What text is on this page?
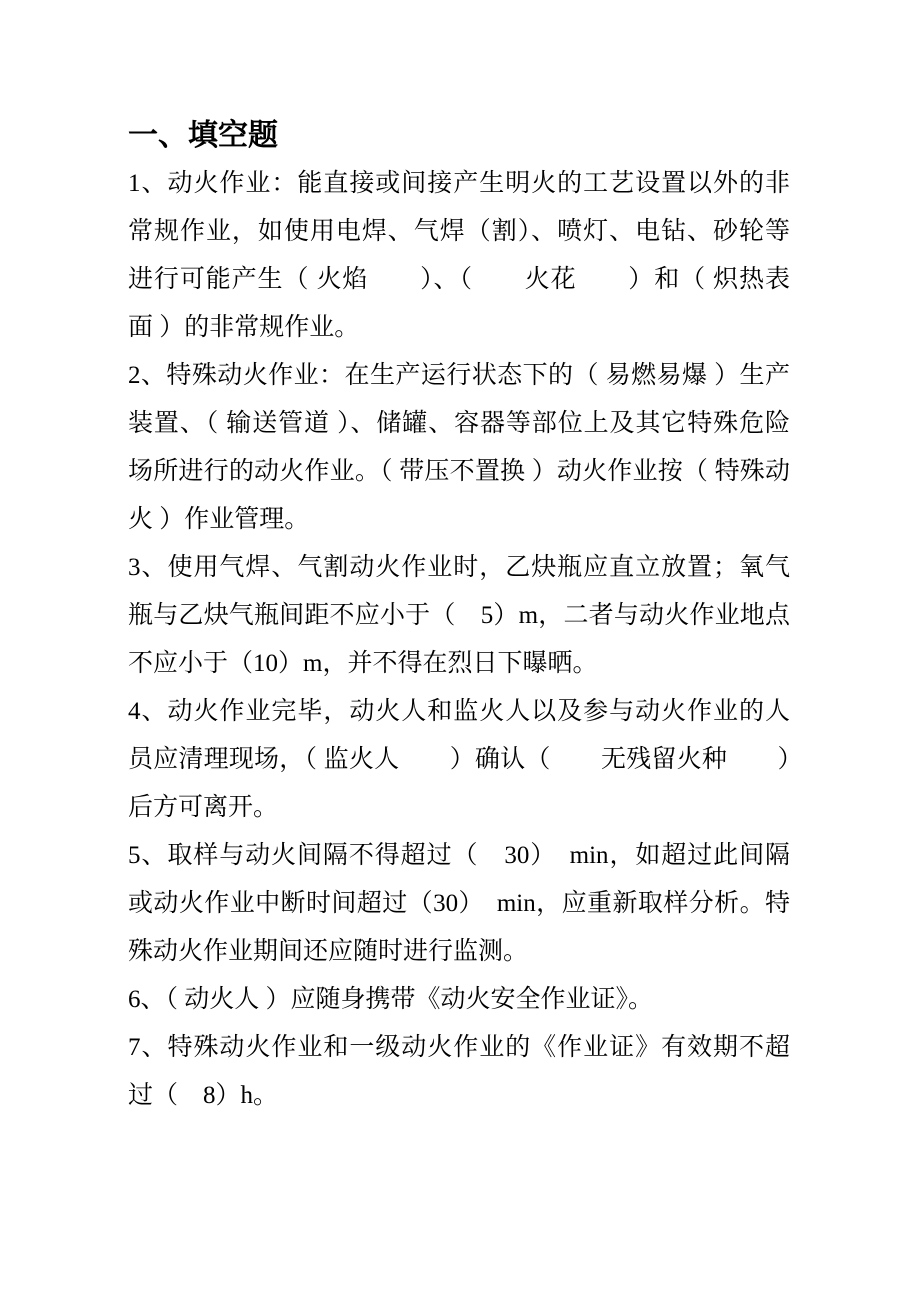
一、填空题

1、动火作业：能直接或间接产生明火的工艺设置以外的非常规作业，如使用电焊、气焊（割）、喷灯、电钻、砂轮等进行可能产生（ 火焰　　）、（　　火花　　）和（ 炽热表面 ）的非常规作业。

2、特殊动火作业：在生产运行状态下的（ 易燃易爆 ）生产装置、（ 输送管道 ）、储罐、容器等部位上及其它特殊危险场所进行的动火作业。（ 带压不置换 ）动火作业按（ 特殊动火 ）作业管理。

3、使用气焊、气割动火作业时，乙炔瓶应直立放置；氧气瓶与乙炔气瓶间距不应小于（　5）m，二者与动火作业地点不应小于（10）m，并不得在烈日下曝晒。

4、动火作业完毕，动火人和监火人以及参与动火作业的人员应清理现场，（ 监火人　　）确认（　　无残留火种　　）后方可离开。

5、取样与动火间隔不得超过（　30）　min，如超过此间隔或动火作业中断时间超过（30）　min，应重新取样分析。特殊动火作业期间还应随时进行监测。

6、（ 动火人 ）应随身携带《动火安全作业证》。

7、特殊动火作业和一级动火作业的《作业证》有效期不超过（　8）h。
